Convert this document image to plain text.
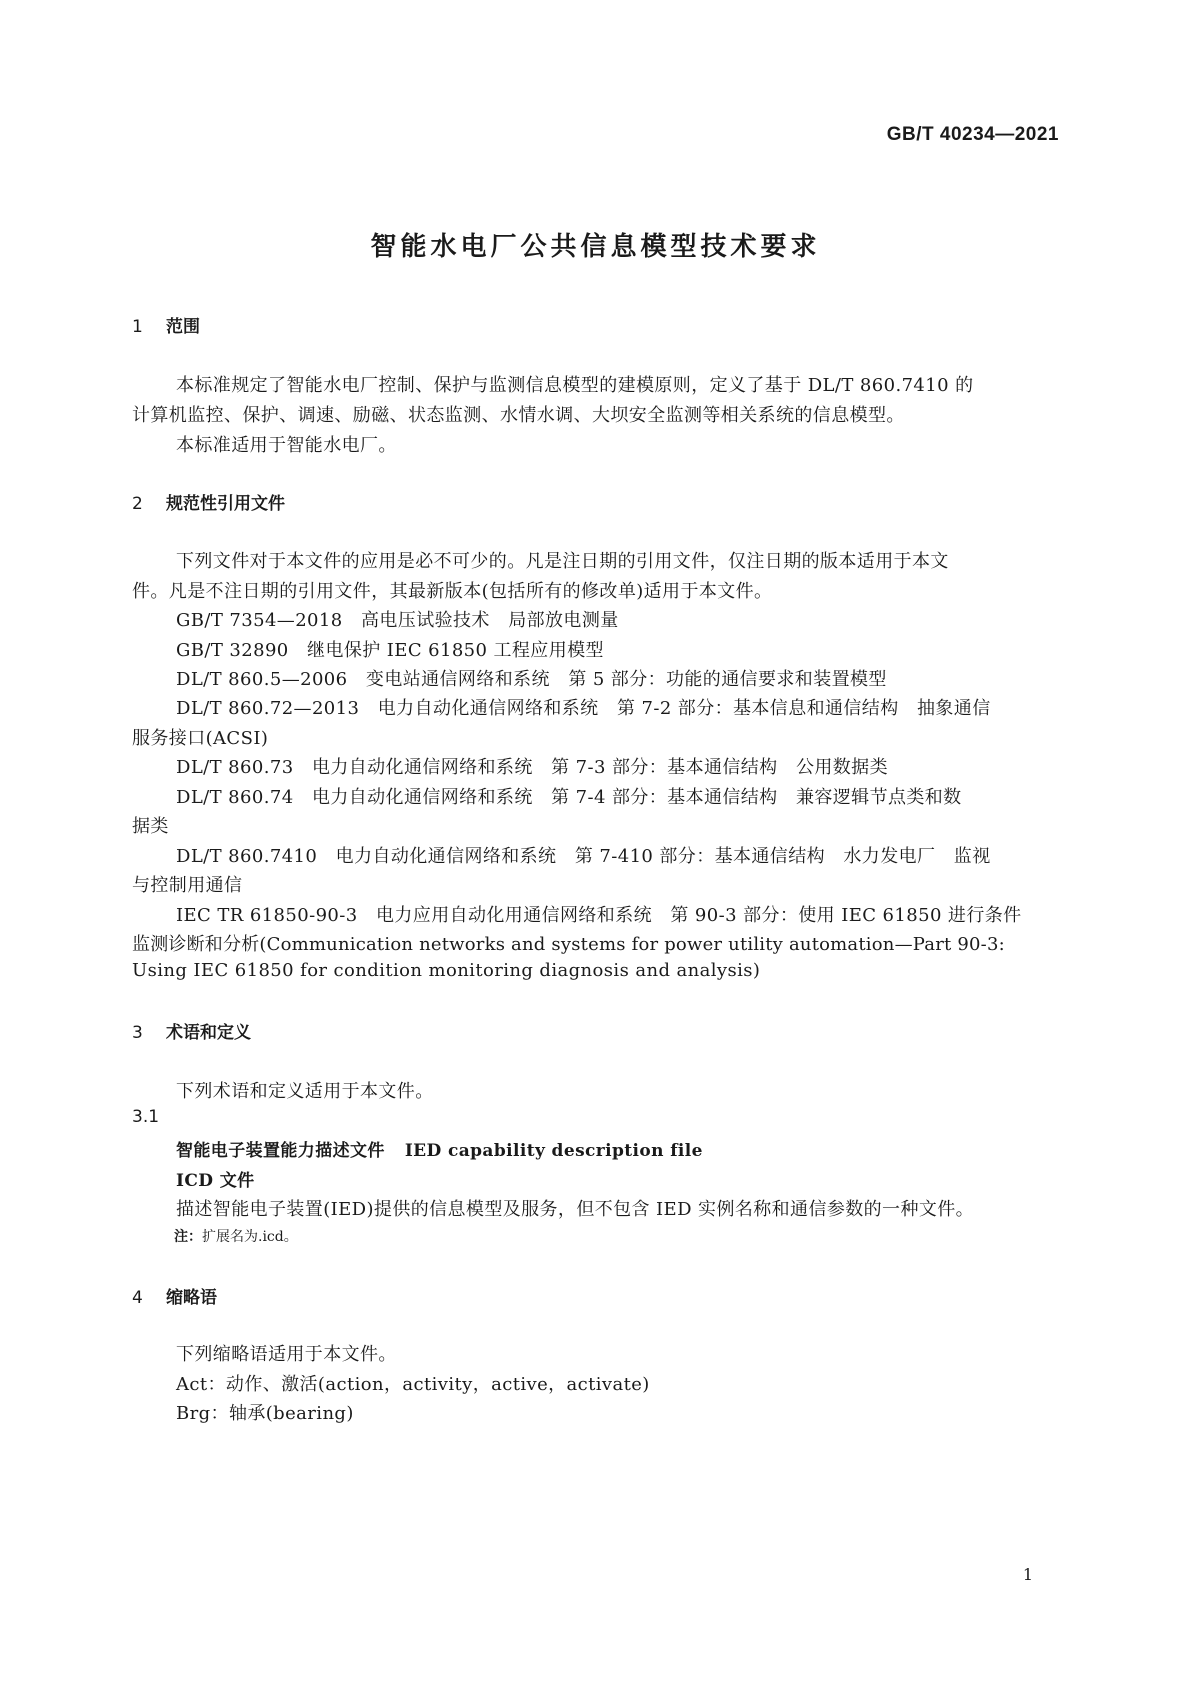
GB/T 40234—2021
智能水电厂公共信息模型技术要求
1 范围
本标准规定了智能水电厂控制、保护与监测信息模型的建模原则，定义了基于 DL/T 860.7410 的
计算机监控、保护、调速、励磁、状态监测、水情水调、大坝安全监测等相关系统的信息模型。
本标准适用于智能水电厂。
2 规范性引用文件
下列文件对于本文件的应用是必不可少的。凡是注日期的引用文件，仅注日期的版本适用于本文
件。凡是不注日期的引用文件，其最新版本(包括所有的修改单)适用于本文件。
GB/T 7354—2018　高电压试验技术　局部放电测量
GB/T 32890　继电保护 IEC 61850 工程应用模型
DL/T 860.5—2006　变电站通信网络和系统　第 5 部分：功能的通信要求和装置模型
DL/T 860.72—2013　电力自动化通信网络和系统　第 7-2 部分：基本信息和通信结构　抽象通信
服务接口(ACSI)
DL/T 860.73　电力自动化通信网络和系统　第 7-3 部分：基本通信结构　公用数据类
DL/T 860.74　电力自动化通信网络和系统　第 7-4 部分：基本通信结构　兼容逻辑节点类和数
据类
DL/T 860.7410　电力自动化通信网络和系统　第 7-410 部分：基本通信结构　水力发电厂　监视
与控制用通信
IEC TR 61850-90-3　电力应用自动化用通信网络和系统　第 90-3 部分：使用 IEC 61850 进行条件
监测诊断和分析(Communication networks and systems for power utility automation—Part 90-3:
Using IEC 61850 for condition monitoring diagnosis and analysis)
3 术语和定义
下列术语和定义适用于本文件。
3.1
智能电子装置能力描述文件 IED capability description file
ICD 文件
描述智能电子装置(IED)提供的信息模型及服务，但不包含 IED 实例名称和通信参数的一种文件。
注：扩展名为.icd。
4 缩略语
下列缩略语适用于本文件。
Act：动作、激活(action，activity，active，activate)
Brg：轴承(bearing)
1
